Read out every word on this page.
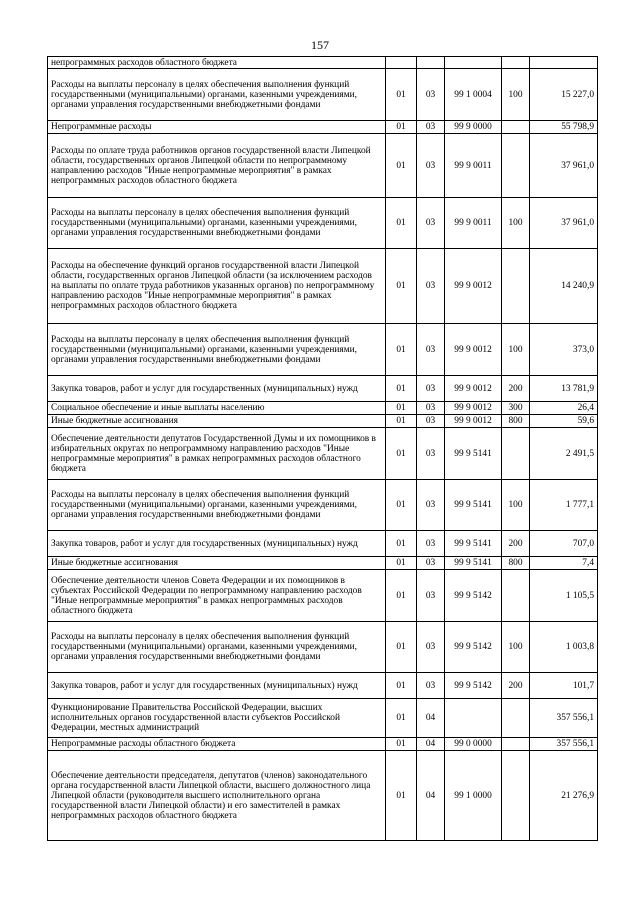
157
непрограммных расходов областного бюджета					
Расходы на выплаты персоналу в целях обеспечения выполнения функций государственными (муниципальными) органами, казенными учреждениями, органами управления государственными внебюджетными фондами	01	03	99 1 0004	100	15 227,0
Непрограммные расходы	01	03	99 9 0000		55 798,9
Расходы по оплате труда работников органов государственной власти Липецкой области, государственных органов Липецкой области по непрограммному направлению расходов "Иные непрограммные мероприятия" в рамках непрограммных расходов областного бюджета	01	03	99 9 0011		37 961,0
Расходы на выплаты персоналу в целях обеспечения выполнения функций государственными (муниципальными) органами, казенными учреждениями, органами управления государственными внебюджетными фондами	01	03	99 9 0011	100	37 961,0
Расходы на обеспечение функций органов государственной власти Липецкой области, государственных органов Липецкой области (за исключением расходов на выплаты по оплате труда работников указанных органов) по непрограммному направлению расходов "Иные непрограммные мероприятия" в рамках непрограммных расходов областного бюджета	01	03	99 9 0012		14 240,9
Расходы на выплаты персоналу в целях обеспечения выполнения функций государственными (муниципальными) органами, казенными учреждениями, органами управления государственными внебюджетными фондами	01	03	99 9 0012	100	373,0
Закупка товаров, работ и услуг для государственных (муниципальных) нужд	01	03	99 9 0012	200	13 781,9
Социальное обеспечение и иные выплаты населению	01	03	99 9 0012	300	26,4
Иные бюджетные ассигнования	01	03	99 9 0012	800	59,6
Обеспечение деятельности депутатов Государственной Думы и их помощников в избирательных округах по непрограммному направлению расходов "Иные непрограммные мероприятия" в рамках непрограммных расходов областного бюджета	01	03	99 9 5141		2 491,5
Расходы на выплаты персоналу в целях обеспечения выполнения функций государственными (муниципальными) органами, казенными учреждениями, органами управления государственными внебюджетными фондами	01	03	99 9 5141	100	1 777,1
Закупка товаров, работ и услуг для государственных (муниципальных) нужд	01	03	99 9 5141	200	707,0
Иные бюджетные ассигнования	01	03	99 9 5141	800	7,4
Обеспечение деятельности членов Совета Федерации и их помощников в субъектах Российской Федерации по непрограммному направлению расходов "Иные непрограммные мероприятия" в рамках непрограммных расходов областного бюджета	01	03	99 9 5142		1 105,5
Расходы на выплаты персоналу в целях обеспечения выполнения функций государственными (муниципальными) органами, казенными учреждениями, органами управления государственными внебюджетными фондами	01	03	99 9 5142	100	1 003,8
Закупка товаров, работ и услуг для государственных (муниципальных) нужд	01	03	99 9 5142	200	101,7
Функционирование Правительства Российской Федерации, высших исполнительных органов государственной власти субъектов Российской Федерации, местных администраций	01	04			357 556,1
Непрограммные расходы областного бюджета	01	04	99 0 0000		357 556,1
Обеспечение деятельности председателя, депутатов (членов) законодательного органа государственной власти Липецкой области, высшего должностного лица Липецкой области (руководителя высшего исполнительного органа государственной власти Липецкой области) и его заместителей в рамках непрограммных расходов областного бюджета	01	04	99 1 0000		21 276,9
